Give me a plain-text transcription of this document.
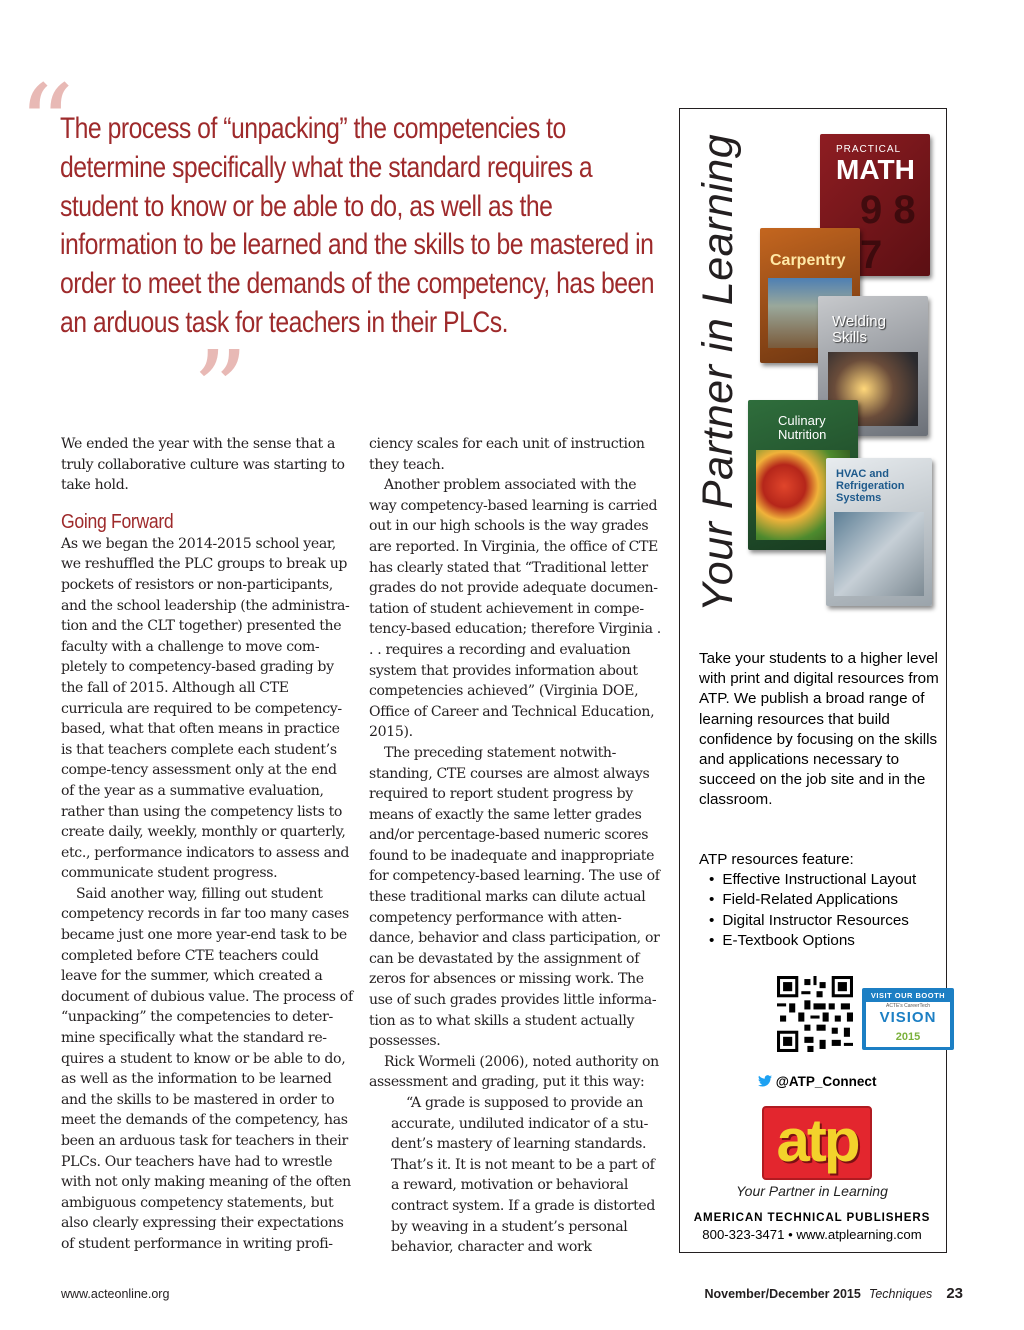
“
The process of “unpacking” the competencies to determine specifically what the standard requires a student to know or be able to do, as well as the information to be learned and the skills to be mastered in order to meet the demands of the competency, has been an arduous task for teachers in their PLCs.
”

We ended the year with the sense that a truly collaborative culture was starting to take hold.

Going Forward

As we began the 2014-2015 school year, we reshuffled the PLC groups to break up pockets of resistors or non-participants, and the school leadership (the administra-tion and the CLT together) presented the faculty with a challenge to move com-pletely to competency-based grading by the fall of 2015. Although all CTE curricula are required to be competency-based, what that often means in practice is that teachers complete each student’s compe-tency assessment only at the end of the year as a summative evaluation, rather than using the competency lists to create daily, weekly, monthly or quarterly, etc., performance indicators to assess and communicate student progress.

Said another way, filling out student competency records in far too many cases became just one more year-end task to be completed before CTE teachers could leave for the summer, which created a document of dubious value. The process of “unpacking” the competencies to deter-mine specifically what the standard re-quires a student to know or be able to do, as well as the information to be learned and the skills to be mastered in order to meet the demands of the competency, has been an arduous task for teachers in their PLCs. Our teachers have had to wrestle with not only making meaning of the often ambiguous competency statements, but also clearly expressing their expectations of student performance in writing profi-

ciency scales for each unit of instruction they teach.

Another problem associated with the way competency-based learning is carried out in our high schools is the way grades are reported. In Virginia, the office of CTE has clearly stated that “Traditional letter grades do not provide adequate documen-tation of student achievement in compe-tency-based education; therefore Virginia . . . requires a recording and evaluation system that provides information about competencies achieved” (Virginia DOE, Office of Career and Technical Education, 2015).

The preceding statement notwith-standing, CTE courses are almost always required to report student progress by means of exactly the same letter grades and/or percentage-based numeric scores found to be inadequate and inappropriate for competency-based learning. The use of these traditional marks can dilute actual competency performance with atten-dance, behavior and class participation, or can be devastated by the assignment of zeros for absences or missing work. The use of such grades provides little informa-tion as to what skills a student actually possesses.

Rick Wormeli (2006), noted authority on assessment and grading, put it this way:

“A grade is supposed to provide an accurate, undiluted indicator of a stu-dent’s mastery of learning standards. That’s it. It is not meant to be a part of a reward, motivation or behavioral contract system. If a grade is distorted by weaving in a student’s personal behavior, character and work

Your Partner in Learning	PRACTICAL
MATH
9 8 7
Carpentry
Welding Skills
Culinary Nutrition
HVAC and Refrigeration Systems
Take your students to a higher level with print and digital resources from ATP. We publish a broad range of learning resources that build confidence by focusing on the skills and applications necessary to succeed on the job site and in the classroom.
ATP resources feature:
• Effective Instructional Layout
• Field-Related Applications
• Digital Instructor Resources
• E-Textbook Options
VISIT OUR BOOTH
ACTE's CareerTech
VISION 2015
#416
@ATP_Connect
atp
Your Partner in Learning
AMERICAN TECHNICAL PUBLISHERS
800-323-3471 • www.atplearning.com
www.acteonline.org	November/December 2015 Techniques 23
